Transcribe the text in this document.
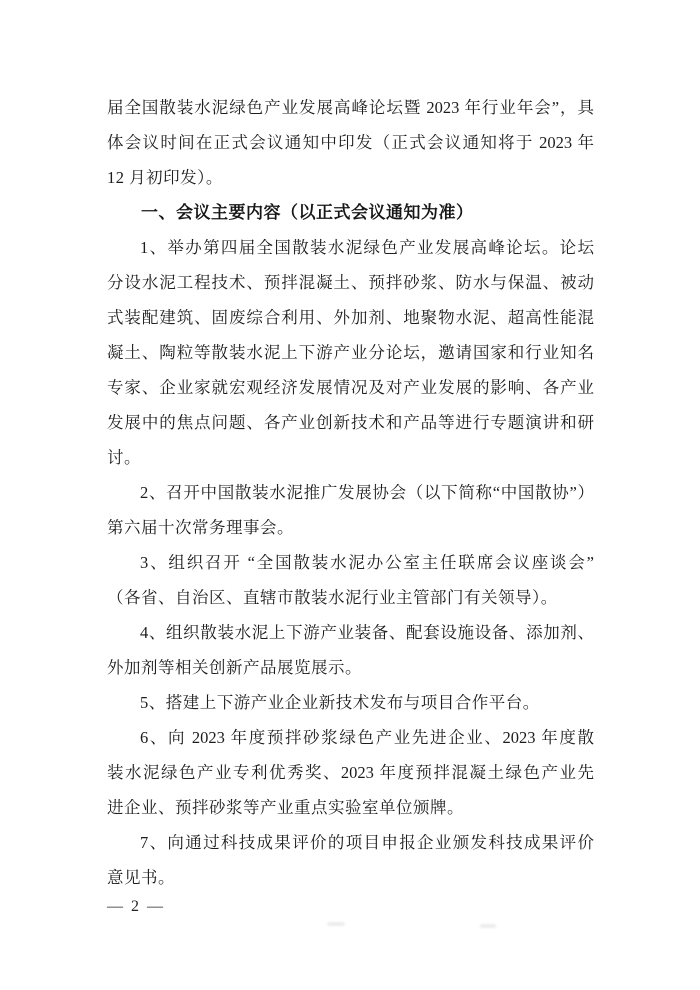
届全国散装水泥绿色产业发展高峰论坛暨 2023 年行业年会”，具
体会议时间在正式会议通知中印发（正式会议通知将于 2023 年
12 月初印发）。
一、会议主要内容（以正式会议通知为准）
1、举办第四届全国散装水泥绿色产业发展高峰论坛。论坛
分设水泥工程技术、预拌混凝土、预拌砂浆、防水与保温、被动
式装配建筑、固废综合利用、外加剂、地聚物水泥、超高性能混
凝土、陶粒等散装水泥上下游产业分论坛，邀请国家和行业知名
专家、企业家就宏观经济发展情况及对产业发展的影响、各产业
发展中的焦点问题、各产业创新技术和产品等进行专题演讲和研
讨。
2、召开中国散装水泥推广发展协会（以下简称“中国散协”）
第六届十次常务理事会。
3、组织召开 “全国散装水泥办公室主任联席会议座谈会”
（各省、自治区、直辖市散装水泥行业主管部门有关领导）。
4、组织散装水泥上下游产业装备、配套设施设备、添加剂、
外加剂等相关创新产品展览展示。
5、搭建上下游产业企业新技术发布与项目合作平台。
6、向 2023 年度预拌砂浆绿色产业先进企业、2023 年度散
装水泥绿色产业专利优秀奖、2023 年度预拌混凝土绿色产业先
进企业、预拌砂浆等产业重点实验室单位颁牌。
7、向通过科技成果评价的项目申报企业颁发科技成果评价
意见书。
— 2 —
